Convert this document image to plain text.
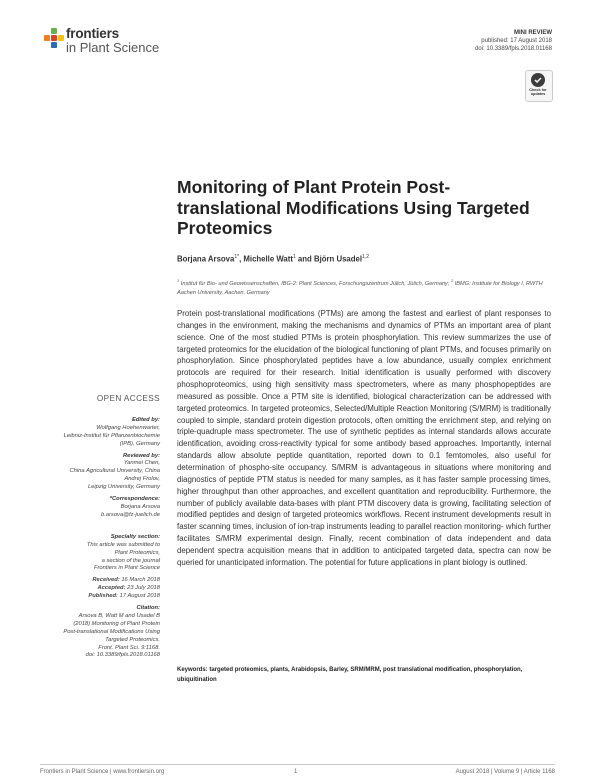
frontiers
in Plant Science
MINI REVIEW
published: 17 August 2018
doi: 10.3389/fpls.2018.01168
Check for
updates
Monitoring of Plant Protein Post-translational Modifications Using Targeted Proteomics
Borjana Arsova$^{1*}$, Michelle Watt$^1$ and Björn Usadel$^{1,2}$
$^1$ Institut für Bio- und Geowissenschaften, IBG-2: Plant Sciences, Forschungszentrum Jülich, Jülich, Germany; $^2$ IBMG: Institute for Biology I, RWTH Aachen University, Aachen, Germany
OPEN ACCESS
Edited by:
Wolfgang Hoehenwarter,
Leibniz-Institut für Pflanzenbiochemie
(IPB), Germany
Reviewed by:
Yanmei Chen,
China Agricultural University, China
Andrej Frolov,
Leipzig University, Germany
*Correspondence:
Borjana Arsova
b.arsova@fz-juelich.de
Specialty section:
This article was submitted to
Plant Proteomics,
a section of the journal
Frontiers in Plant Science
Received: 16 March 2018
Accepted: 23 July 2018
Published: 17 August 2018
Citation:
Arsova B, Watt M and Usadel B
(2018) Monitoring of Plant Protein
Post-translational Modifications Using
Targeted Proteomics.
Front. Plant Sci. 9:1168.
doi: 10.3389/fpls.2018.01168

Protein post-translational modifications (PTMs) are among the fastest and earliest of plant responses to changes in the environment, making the mechanisms and dynamics of PTMs an important area of plant science. One of the most studied PTMs is protein phosphorylation. This review summarizes the use of targeted proteomics for the elucidation of the biological functioning of plant PTMs, and focuses primarily on phosphorylation. Since phosphorylated peptides have a low abundance, usually complex enrichment protocols are required for their research. Initial identification is usually performed with discovery phosphoproteomics, using high sensitivity mass spectrometers, where as many phosphopeptides are measured as possible. Once a PTM site is identified, biological characterization can be addressed with targeted proteomics. In targeted proteomics, Selected/Multiple Reaction Monitoring (S/MRM) is traditionally coupled to simple, standard protein digestion protocols, often omitting the enrichment step, and relying on triple-quadruple mass spectrometer. The use of synthetic peptides as internal standards allows accurate identification, avoiding cross-reactivity typical for some antibody based approaches. Importantly, internal standards allow absolute peptide quantitation, reported down to 0.1 femtomoles, also useful for determination of phospho-site occupancy. S/MRM is advantageous in situations where monitoring and diagnostics of peptide PTM status is needed for many samples, as it has faster sample processing times, higher throughput than other approaches, and excellent quantitation and reproducibility. Furthermore, the number of publicly available data-bases with plant PTM discovery data is growing, facilitating selection of modified peptides and design of targeted proteomics workflows. Recent instrument developments result in faster scanning times, inclusion of ion-trap instruments leading to parallel reaction monitoring- which further facilitates S/MRM experimental design. Finally, recent combination of data independent and data dependent spectra acquisition means that in addition to anticipated targeted data, spectra can now be queried for unanticipated information. The potential for future applications in plant biology is outlined.

Keywords: targeted proteomics, plants, Arabidopsis, Barley, SRM/MRM, post translational modification, phosphorylation, ubiquitination
Frontiers in Plant Science | www.frontiersin.org	1	August 2018 | Volume 9 | Article 1168
